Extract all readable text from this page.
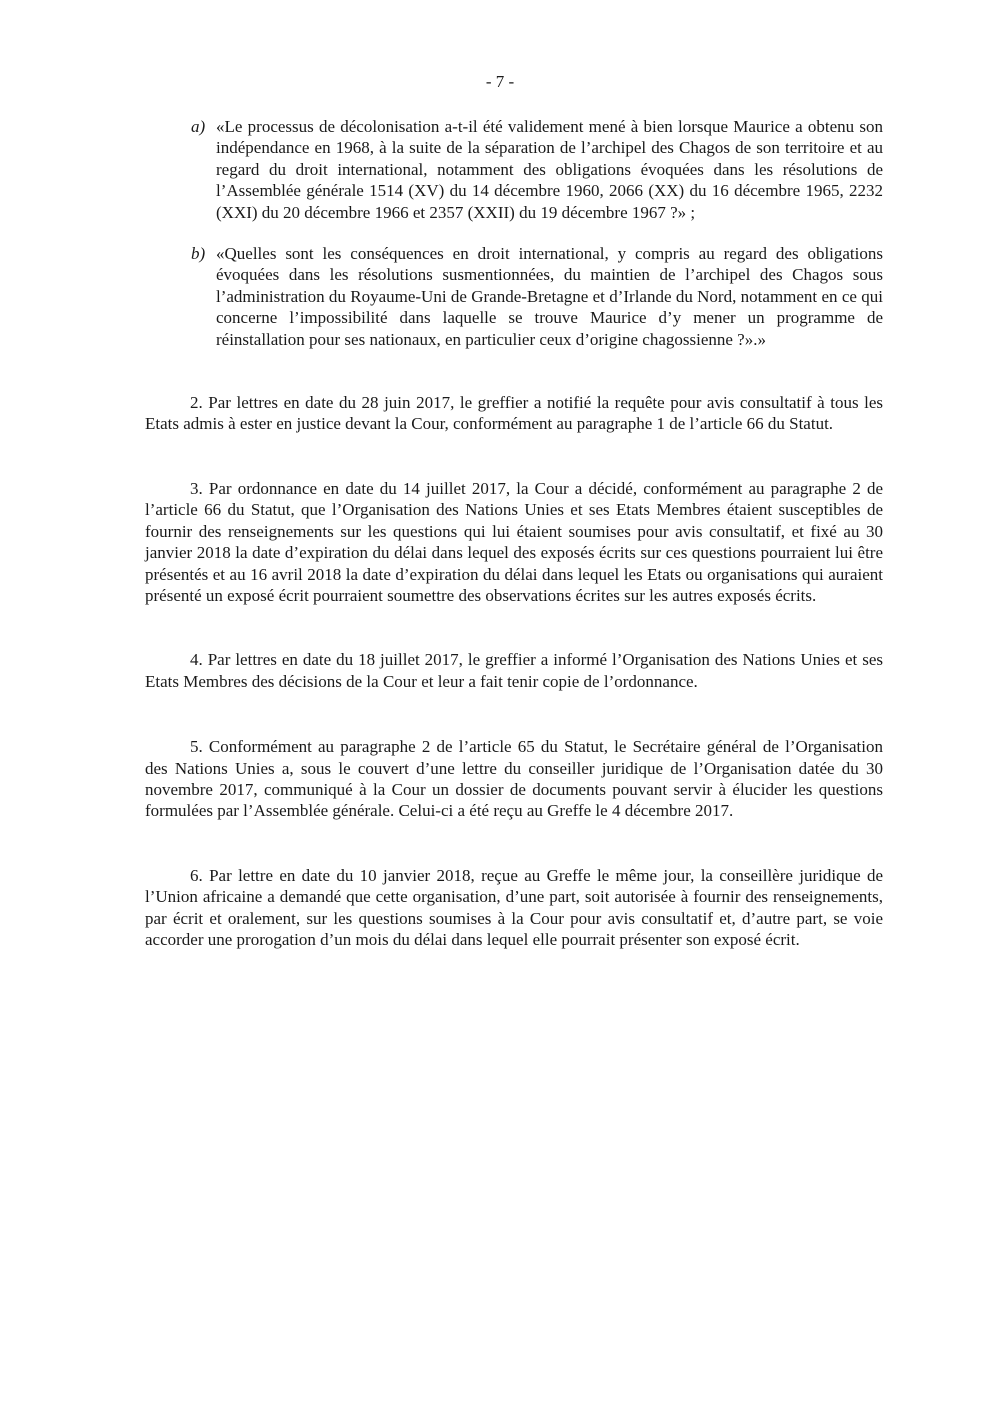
- 7 -
a) «Le processus de décolonisation a-t-il été validement mené à bien lorsque Maurice a obtenu son indépendance en 1968, à la suite de la séparation de l’archipel des Chagos de son territoire et au regard du droit international, notamment des obligations évoquées dans les résolutions de l’Assemblée générale 1514 (XV) du 14 décembre 1960, 2066 (XX) du 16 décembre 1965, 2232 (XXI) du 20 décembre 1966 et 2357 (XXII) du 19 décembre 1967 ?» ;

b) «Quelles sont les conséquences en droit international, y compris au regard des obligations évoquées dans les résolutions susmentionnées, du maintien de l’archipel des Chagos sous l’administration du Royaume-Uni de Grande-Bretagne et d’Irlande du Nord, notamment en ce qui concerne l’impossibilité dans laquelle se trouve Maurice d’y mener un programme de réinstallation pour ses nationaux, en particulier ceux d’origine chagossienne ?».»

2. Par lettres en date du 28 juin 2017, le greffier a notifié la requête pour avis consultatif à tous les Etats admis à ester en justice devant la Cour, conformément au paragraphe 1 de l’article 66 du Statut.

3. Par ordonnance en date du 14 juillet 2017, la Cour a décidé, conformément au paragraphe 2 de l’article 66 du Statut, que l’Organisation des Nations Unies et ses Etats Membres étaient susceptibles de fournir des renseignements sur les questions qui lui étaient soumises pour avis consultatif, et fixé au 30 janvier 2018 la date d’expiration du délai dans lequel des exposés écrits sur ces questions pourraient lui être présentés et au 16 avril 2018 la date d’expiration du délai dans lequel les Etats ou organisations qui auraient présenté un exposé écrit pourraient soumettre des observations écrites sur les autres exposés écrits.

4. Par lettres en date du 18 juillet 2017, le greffier a informé l’Organisation des Nations Unies et ses Etats Membres des décisions de la Cour et leur a fait tenir copie de l’ordonnance.

5. Conformément au paragraphe 2 de l’article 65 du Statut, le Secrétaire général de l’Organisation des Nations Unies a, sous le couvert d’une lettre du conseiller juridique de l’Organisation datée du 30 novembre 2017, communiqué à la Cour un dossier de documents pouvant servir à élucider les questions formulées par l’Assemblée générale. Celui-ci a été reçu au Greffe le 4 décembre 2017.

6. Par lettre en date du 10 janvier 2018, reçue au Greffe le même jour, la conseillère juridique de l’Union africaine a demandé que cette organisation, d’une part, soit autorisée à fournir des renseignements, par écrit et oralement, sur les questions soumises à la Cour pour avis consultatif et, d’autre part, se voie accorder une prorogation d’un mois du délai dans lequel elle pourrait présenter son exposé écrit.
